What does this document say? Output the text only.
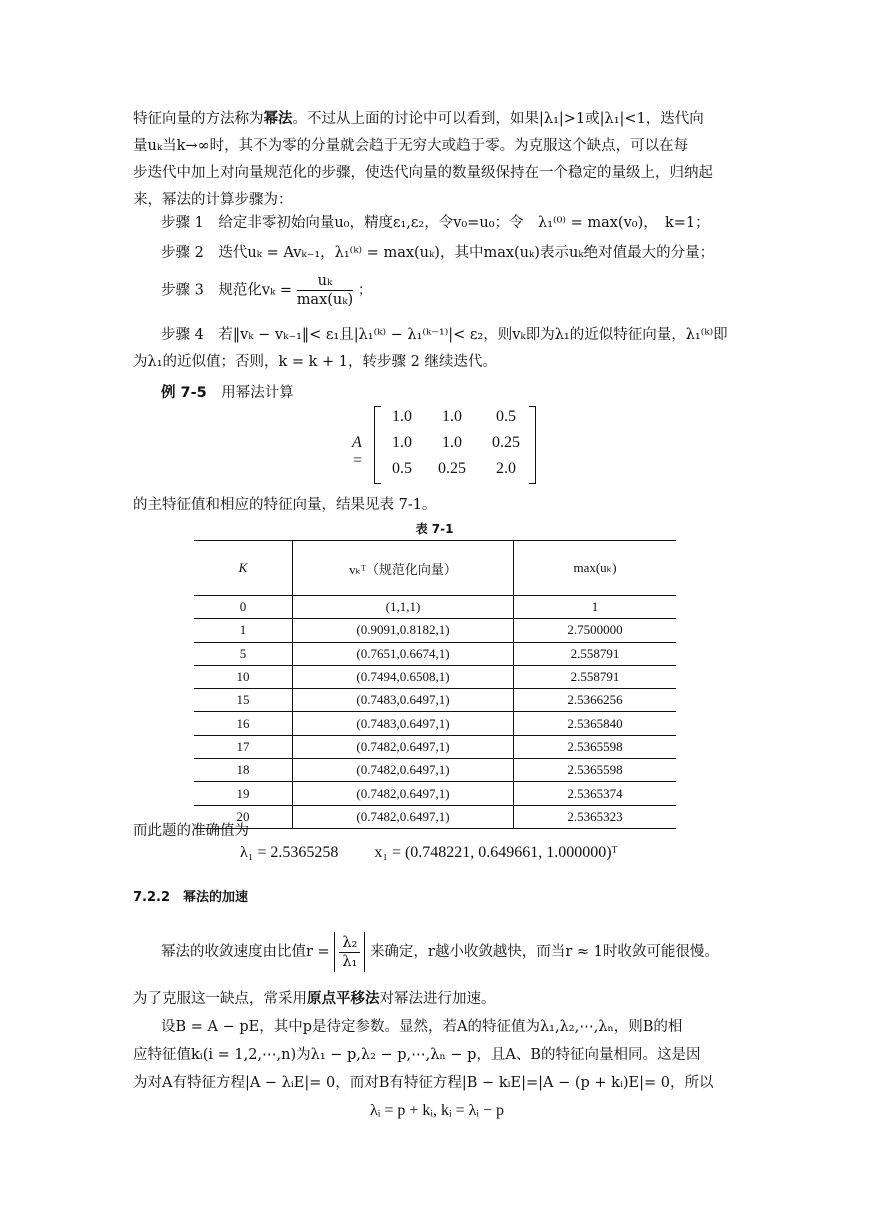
特征向量的方法称为幂法。不过从上面的讨论中可以看到，如果|λ₁|>1或|λ₁|<1，迭代向
量uₖ当k→∞时，其不为零的分量就会趋于无穷大或趋于零。为克服这个缺点，可以在每
步迭代中加上对向量规范化的步骤，使迭代向量的数量级保持在一个稳定的量级上，归纳起
来，幂法的计算步骤为：
步骤 1　给定非零初始向量u₀，精度ε₁,ε₂，令v₀=u₀；令　λ₁⁽⁰⁾ = max(v₀)，　k=1；
步骤 2　迭代uₖ = Avₖ₋₁，λ₁⁽ᵏ⁾ = max(uₖ)，其中max(uₖ)表示uₖ绝对值最大的分量；
步骤 3　规范化vₖ =
uₖ
max(uₖ)
；
步骤 4　若‖vₖ − vₖ₋₁‖< ε₁且|λ₁⁽ᵏ⁾ − λ₁⁽ᵏ⁻¹⁾|< ε₂，则vₖ即为λ₁的近似特征向量，λ₁⁽ᵏ⁾即
为λ₁的近似值；否则，k = k + 1，转步骤 2 继续迭代。
例 7-5　用幂法计算
A =
1.0	1.0	0.5
1.0	1.0	0.25
0.5	0.25	2.0
的主特征值和相应的特征向量，结果见表 7-1。
表 7-1
K	vₖᵀ（规范化向量）	max(uₖ)
0	(1,1,1)	1
1	(0.9091,0.8182,1)	2.7500000
5	(0.7651,0.6674,1)	2.558791
10	(0.7494,0.6508,1)	2.558791
15	(0.7483,0.6497,1)	2.5366256
16	(0.7483,0.6497,1)	2.5365840
17	(0.7482,0.6497,1)	2.5365598
18	(0.7482,0.6497,1)	2.5365598
19	(0.7482,0.6497,1)	2.5365374
20	(0.7482,0.6497,1)	2.5365323
而此题的准确值为
λ₁ = 2.5365258 x₁ = (0.748221, 0.649661, 1.000000)ᵀ
7.2.2　幂法的加速
幂法的收敛速度由比值$r = \frac{\text{λ₂}}{\text{λ₁}}$ 来确定，r越小收敛越快，而当r ≈ 1时收敛可能很慢。
为了克服这一缺点，常采用原点平移法对幂法进行加速。
设B = A − pE，其中p是待定参数。显然，若A的特征值为λ₁,λ₂,⋯,λₙ，则B的相
应特征值kᵢ(i = 1,2,⋯,n)为λ₁ − p,λ₂ − p,⋯,λₙ − p，且A、B的特征向量相同。这是因
为对A有特征方程|A − λᵢE|= 0，而对B有特征方程|B − kᵢE|=|A − (p + kᵢ)E|= 0，所以
λᵢ = p + kᵢ, kᵢ = λᵢ − p
